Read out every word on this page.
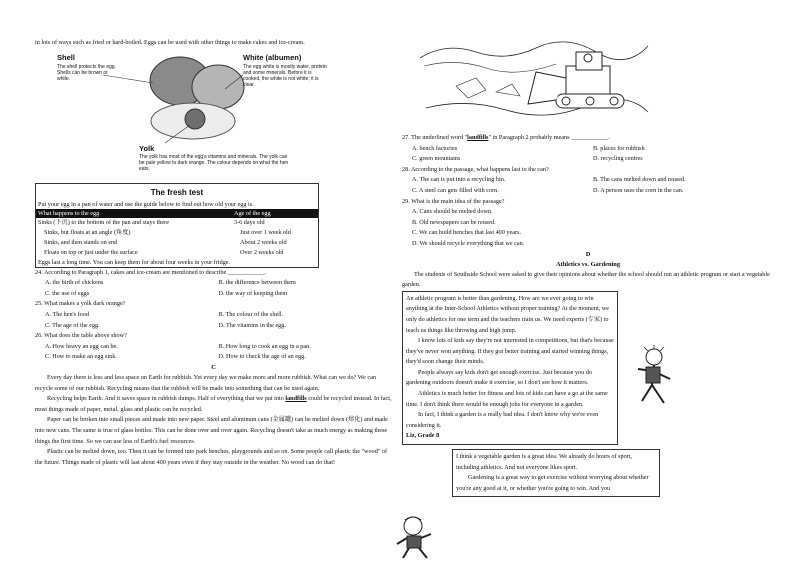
in lots of ways such as fried or hard-boiled. Eggs can be used with other things to make cakes and ice-cream.

Shell
The shell protects the egg. Shells can be brown or white.
White (albumen)
The egg white is mostly water, protein and some minerals. Before it is cooked, the white is not white; it is clear.
Yolk
The yolk has most of the egg's vitamins and minerals. The yolk can be pale yellow to dark orange. The colour depends on what the hen eats.
The fresh test
Put your egg in a pan of water and use the guide below to find out how old your egg is.
What happens to the egg	Age of the egg
Sinks (下沉) to the bottom of the pan and stays there	3-6 days old
Sinks, but floats at an angle (角度)	Just over 1 week old
Sinks, and then stands on end	About 2 weeks old
Floats on top or just under the surface	Over 2 weeks old
Eggs last a long time. You can keep them for about four weeks in your fridge.

24. According to Paragraph 1, cakes and ice-cream are mentioned to describe ____________.

A. the birth of chickens	B. the difference between them
C. the use of eggs	D. the way of keeping them

25. What makes a yolk dark orange?

A. The hen's food	B. The colour of the shell.
C. The age of the egg.	D. The vitamins in the egg.

26. What does the table above show?

A. How heavy an egg can be.	B. How long to cook an egg in a pan.
C. How to make an egg sink.	D. How to check the age of an egg.
C

Every day there is less and less space on Earth for rubbish. Yet every day we make more and more rubbish. What can we do? We can recycle some of our rubbish. Recycling means that the rubbish will be made into something that can be used again.

Recycling helps Earth. And it saves space in rubbish dumps. Half of everything that we put into landfills could be recycled instead. In fact, most things made of paper, metal, glass and plastic can be recycled.

Paper can be broken into small pieces and made into new paper. Steel and aluminum cans (金属罐) can be melted down (熔化) and made into new cans. The same is true of glass bottles. This can be done over and over again. Recycling doesn't take as much energy as making these things the first time. So we can use less of Earth's fuel resources.

Plastic can be melted down, too. Then it can be formed into park benches, playgrounds and so on. Some people call plastic the "wood" of the future. Things made of plastic will last about 400 years even if they stay outside in the weather. No wood can do that!

27. The underlined word "landfills" in Paragraph 2 probably means ____________.

A. bench factories	B. places for rubbish
C. green mountains	D. recycling centres

28. According to the passage, what happens last to the can?

A. The can is put into a recycling bin.	B. The cans melted down and reused.
C. A steel can gets filled with corn.	D. A person uses the corn in the can.

29. What is the main idea of the passage?

A. Cans should be melted down.
B. Old newspapers can be reused.
C. We can build benches that last 400 years.
D. We should recycle everything that we can.
D
Athletics vs. Gardening

The students of Southside School were asked to give their opinions about whether the school should run an athletic program or start a vegetable garden.

An athletic program is better than gardening. How are we ever going to win anything at the Inter-School Athletics without proper training? At the moment, we only do athletics for one term and the teachers train us. We need experts (专家) to teach us things like throwing and high jump.

I know lots of kids say they're not interested in competitions, but that's because they've never won anything. If they got better training and started winning things, they'd soon change their minds.

People always say kids don't get enough exercise. Just because you do gardening outdoors doesn't make it exercise, so I don't see how it matters.

Athletics is much better for fitness and lots of kids can have a go at the same time. I don't think there would be enough jobs for everyone in a garden.

In fact, I think a garden is a really bad idea. I don't know why we're even considering it.

Liz, Grade 8

I think a vegetable garden is a great idea. We already do hours of sport, including athletics. And not everyone likes sport.

Gardening is a great way to get exercise without worrying about whether you're any good at it, or whether you're going to win. And you
